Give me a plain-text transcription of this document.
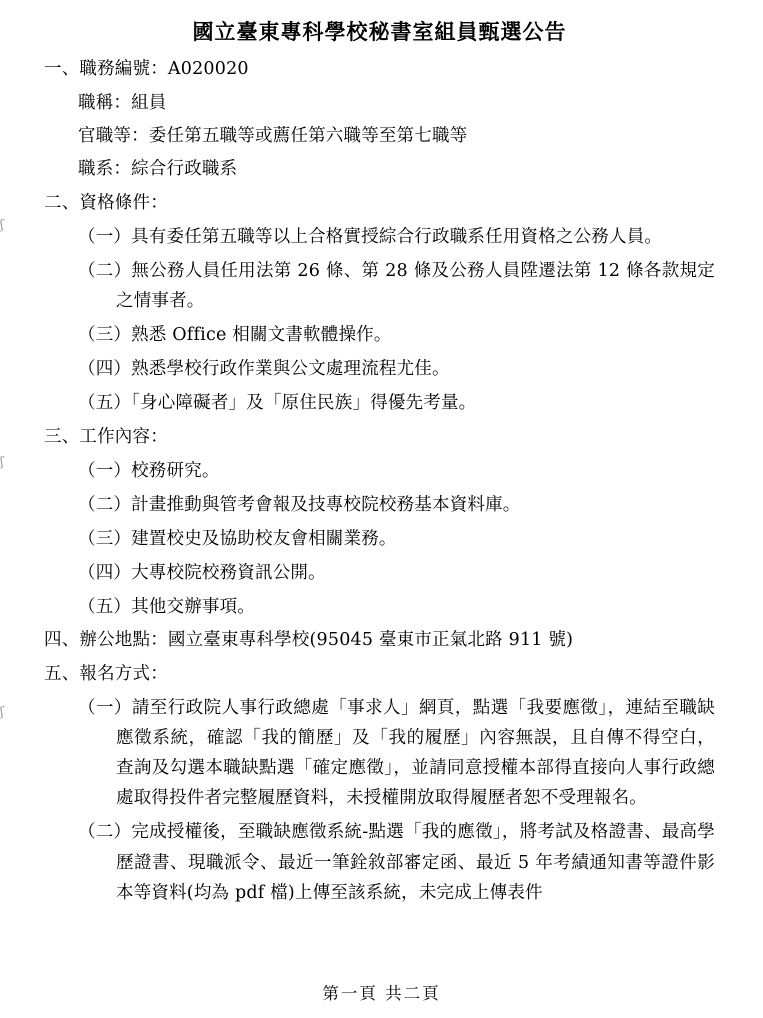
ʃ
ʃ
ʃ
國立臺東專科學校秘書室組員甄選公告
一、職務編號：A020020
職稱：組員
官職等：委任第五職等或薦任第六職等至第七職等
職系：綜合行政職系
二、資格條件：
（一）具有委任第五職等以上合格實授綜合行政職系任用資格之公務人員。
（二）無公務人員任用法第 26 條、第 28 條及公務人員陞遷法第 12 條各款規定之情事者。
（三）熟悉 Office 相關文書軟體操作。
（四）熟悉學校行政作業與公文處理流程尤佳。
（五）「身心障礙者」及「原住民族」得優先考量。
三、工作內容：
（一）校務研究。
（二）計畫推動與管考會報及技專校院校務基本資料庫。
（三）建置校史及協助校友會相關業務。
（四）大專校院校務資訊公開。
（五）其他交辦事項。
四、辦公地點：國立臺東專科學校(95045 臺東市正氣北路 911 號)
五、報名方式：
（一）請至行政院人事行政總處「事求人」網頁，點選「我要應徵」，連結至職缺應徵系統，確認「我的簡歷」及「我的履歷」內容無誤，且自傳不得空白，查詢及勾選本職缺點選「確定應徵」，並請同意授權本部得直接向人事行政總處取得投件者完整履歷資料，未授權開放取得履歷者恕不受理報名。
（二）完成授權後，至職缺應徵系統-點選「我的應徵」，將考試及格證書、最高學歷證書、現職派令、最近一筆銓敘部審定函、最近 5 年考績通知書等證件影本等資料(均為 pdf 檔)上傳至該系統，未完成上傳表件
第一頁 共二頁
